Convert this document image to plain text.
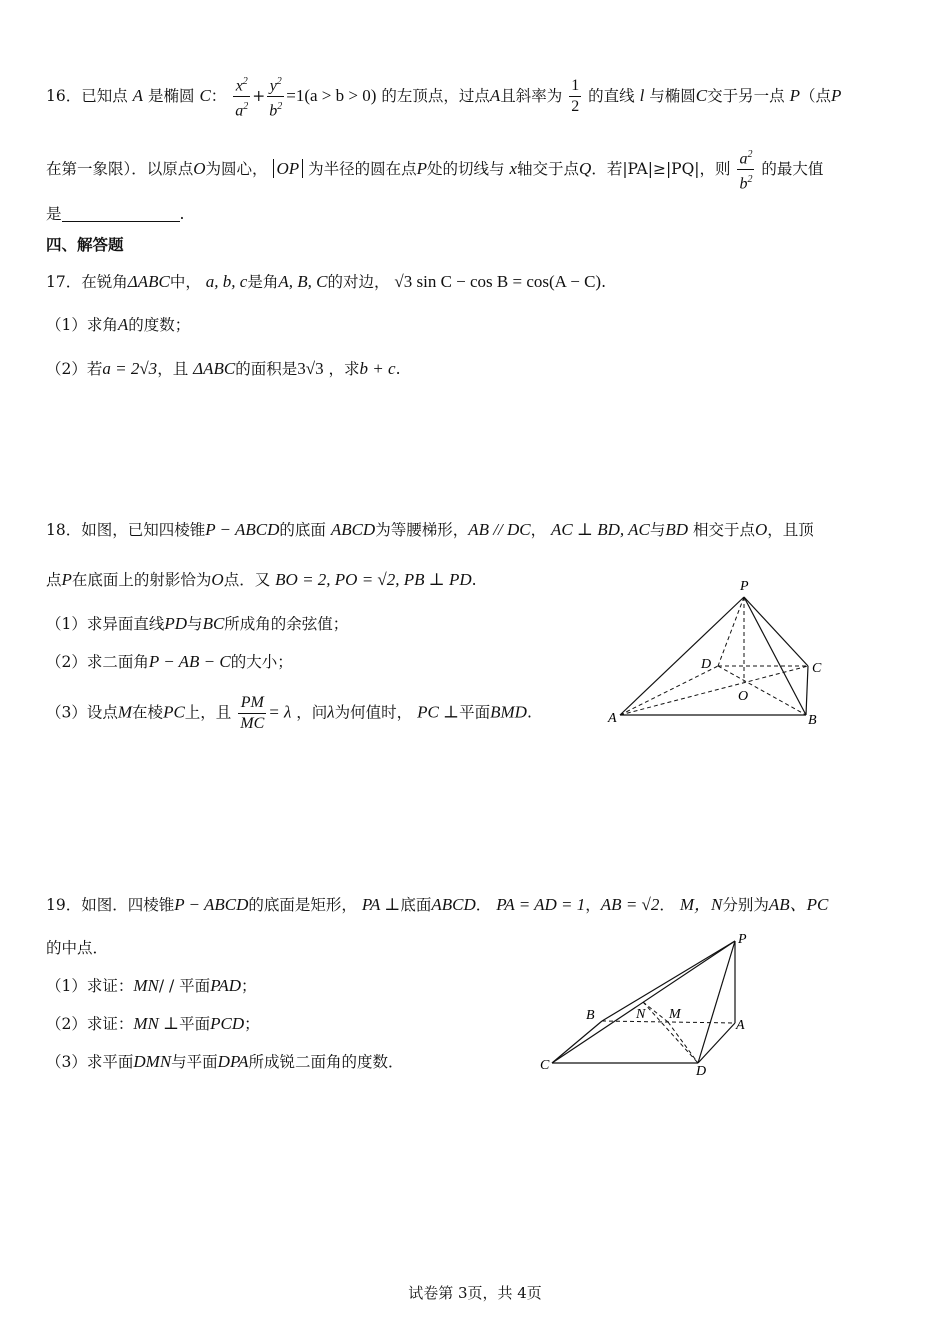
16．已知点 A 是椭圆 C： $\frac{x^2}{a^2} + \frac{y^2}{b^2} =1(a > b > 0)$ 的左顶点，过点A且斜率为 $\frac{1}{2}$ 的直线 l 与椭圆C交于另一点 P（点P
在第一象限）．以原点O为圆心， OP 为半径的圆在点P处的切线与 x轴交于点Q．若|PA|≥|PQ|，则 $\frac{a^2}{b^2}$ 的最大值
是	.
四、解答题
17．在锐角ΔABC中， a, b, c是角A, B, C的对边， √3 sin C − cos B = cos(A − C).
（1）求角A的度数；
（2）若a = 2√3，且 ΔABC的面积是3√3 ，求b + c.
18．如图，已知四棱锥P − ABCD的底面 ABCD为等腰梯形，AB // DC， AC ⊥ BD, AC与BD 相交于点O，且顶
点P在底面上的射影恰为O点．又 BO = 2, PO = √2, PB ⊥ PD.
（1）求异面直线PD与BC所成角的余弦值；
（2）求二面角P − AB − C的大小；
（3）设点M在棱PC上，且 $\frac{PM}{MC} = \lambda$ ，问λ为何值时， PC ⊥平面BMD.
P
D	C
O
A	B
19．如图．四棱锥P − ABCD的底面是矩形， PA ⊥底面ABCD． PA = AD = 1，AB = √2． M，N分别为AB、PC
的中点．
（1）求证：MN/ / 平面PAD；
（2）求证：MN ⊥平面PCD；
（3）求平面DMN与平面DPA所成锐二面角的度数．
P
B	N M
A
C	D
试卷第 3页，共 4页
